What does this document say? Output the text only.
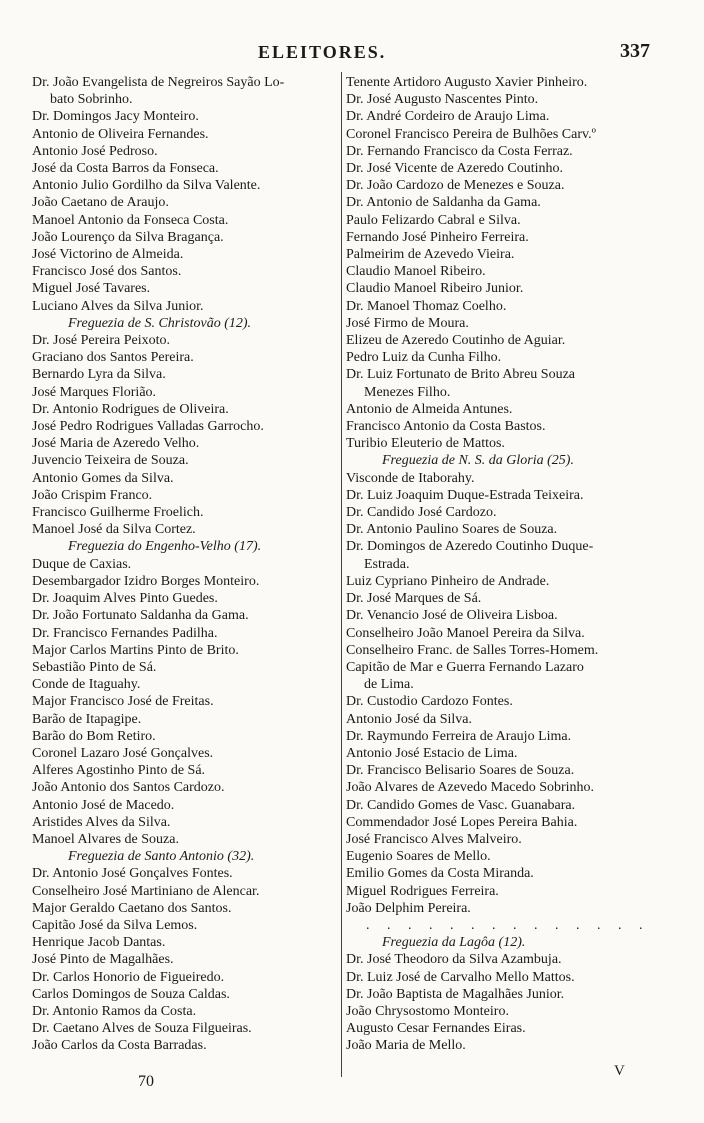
ELEITORES.	337
Dr. João Evangelista de Negreiros Sayão Lo-
bato Sobrinho.
Dr. Domingos Jacy Monteiro.
Antonio de Oliveira Fernandes.
Antonio José Pedroso.
José da Costa Barros da Fonseca.
Antonio Julio Gordilho da Silva Valente.
João Caetano de Araujo.
Manoel Antonio da Fonseca Costa.
João Lourenço da Silva Bragança.
José Victorino de Almeida.
Francisco José dos Santos.
Miguel José Tavares.
Luciano Alves da Silva Junior.
Freguezia de S. Christovão (12).
Dr. José Pereira Peixoto.
Graciano dos Santos Pereira.
Bernardo Lyra da Silva.
José Marques Florião.
Dr. Antonio Rodrigues de Oliveira.
José Pedro Rodrigues Valladas Garrocho.
José Maria de Azeredo Velho.
Juvencio Teixeira de Souza.
Antonio Gomes da Silva.
João Crispim Franco.
Francisco Guilherme Froelich.
Manoel José da Silva Cortez.
Freguezia do Engenho-Velho (17).
Duque de Caxias.
Desembargador Izidro Borges Monteiro.
Dr. Joaquim Alves Pinto Guedes.
Dr. João Fortunato Saldanha da Gama.
Dr. Francisco Fernandes Padilha.
Major Carlos Martins Pinto de Brito.
Sebastião Pinto de Sá.
Conde de Itaguahy.
Major Francisco José de Freitas.
Barão de Itapagipe.
Barão do Bom Retiro.
Coronel Lazaro José Gonçalves.
Alferes Agostinho Pinto de Sá.
João Antonio dos Santos Cardozo.
Antonio José de Macedo.
Aristides Alves da Silva.
Manoel Alvares de Souza.
Freguezia de Santo Antonio (32).
Dr. Antonio José Gonçalves Fontes.
Conselheiro José Martiniano de Alencar.
Major Geraldo Caetano dos Santos.
Capitão José da Silva Lemos.
Henrique Jacob Dantas.
José Pinto de Magalhães.
Dr. Carlos Honorio de Figueiredo.
Carlos Domingos de Souza Caldas.
Dr. Antonio Ramos da Costa.
Dr. Caetano Alves de Souza Filgueiras.
João Carlos da Costa Barradas.
Tenente Artidoro Augusto Xavier Pinheiro.
Dr. José Augusto Nascentes Pinto.
Dr. André Cordeiro de Araujo Lima.
Coronel Francisco Pereira de Bulhões Carv.º
Dr. Fernando Francisco da Costa Ferraz.
Dr. José Vicente de Azeredo Coutinho.
Dr. João Cardozo de Menezes e Souza.
Dr. Antonio de Saldanha da Gama.
Paulo Felizardo Cabral e Silva.
Fernando José Pinheiro Ferreira.
Palmeirim de Azevedo Vieira.
Claudio Manoel Ribeiro.
Claudio Manoel Ribeiro Junior.
Dr. Manoel Thomaz Coelho.
José Firmo de Moura.
Elizeu de Azeredo Coutinho de Aguiar.
Pedro Luiz da Cunha Filho.
Dr. Luiz Fortunato de Brito Abreu Souza
Menezes Filho.
Antonio de Almeida Antunes.
Francisco Antonio da Costa Bastos.
Turibio Eleuterio de Mattos.
Freguezia de N. S. da Gloria (25).
Visconde de Itaborahy.
Dr. Luiz Joaquim Duque-Estrada Teixeira.
Dr. Candido José Cardozo.
Dr. Antonio Paulino Soares de Souza.
Dr. Domingos de Azeredo Coutinho Duque-
Estrada.
Luiz Cypriano Pinheiro de Andrade.
Dr. José Marques de Sá.
Dr. Venancio José de Oliveira Lisboa.
Conselheiro João Manoel Pereira da Silva.
Conselheiro Franc. de Salles Torres-Homem.
Capitão de Mar e Guerra Fernando Lazaro
de Lima.
Dr. Custodio Cardozo Fontes.
Antonio José da Silva.
Dr. Raymundo Ferreira de Araujo Lima.
Antonio José Estacio de Lima.
Dr. Francisco Belisario Soares de Souza.
João Alvares de Azevedo Macedo Sobrinho.
Dr. Candido Gomes de Vasc. Guanabara.
Commendador José Lopes Pereira Bahia.
José Francisco Alves Malveiro.
Eugenio Soares de Mello.
Emilio Gomes da Costa Miranda.
Miguel Rodrigues Ferreira.
João Delphim Pereira.
. . . . . . . . . . . . . .
Freguezia da Lagôa (12).
Dr. José Theodoro da Silva Azambuja.
Dr. Luiz José de Carvalho Mello Mattos.
Dr. João Baptista de Magalhães Junior.
João Chrysostomo Monteiro.
Augusto Cesar Fernandes Eiras.
João Maria de Mello.
70
V
